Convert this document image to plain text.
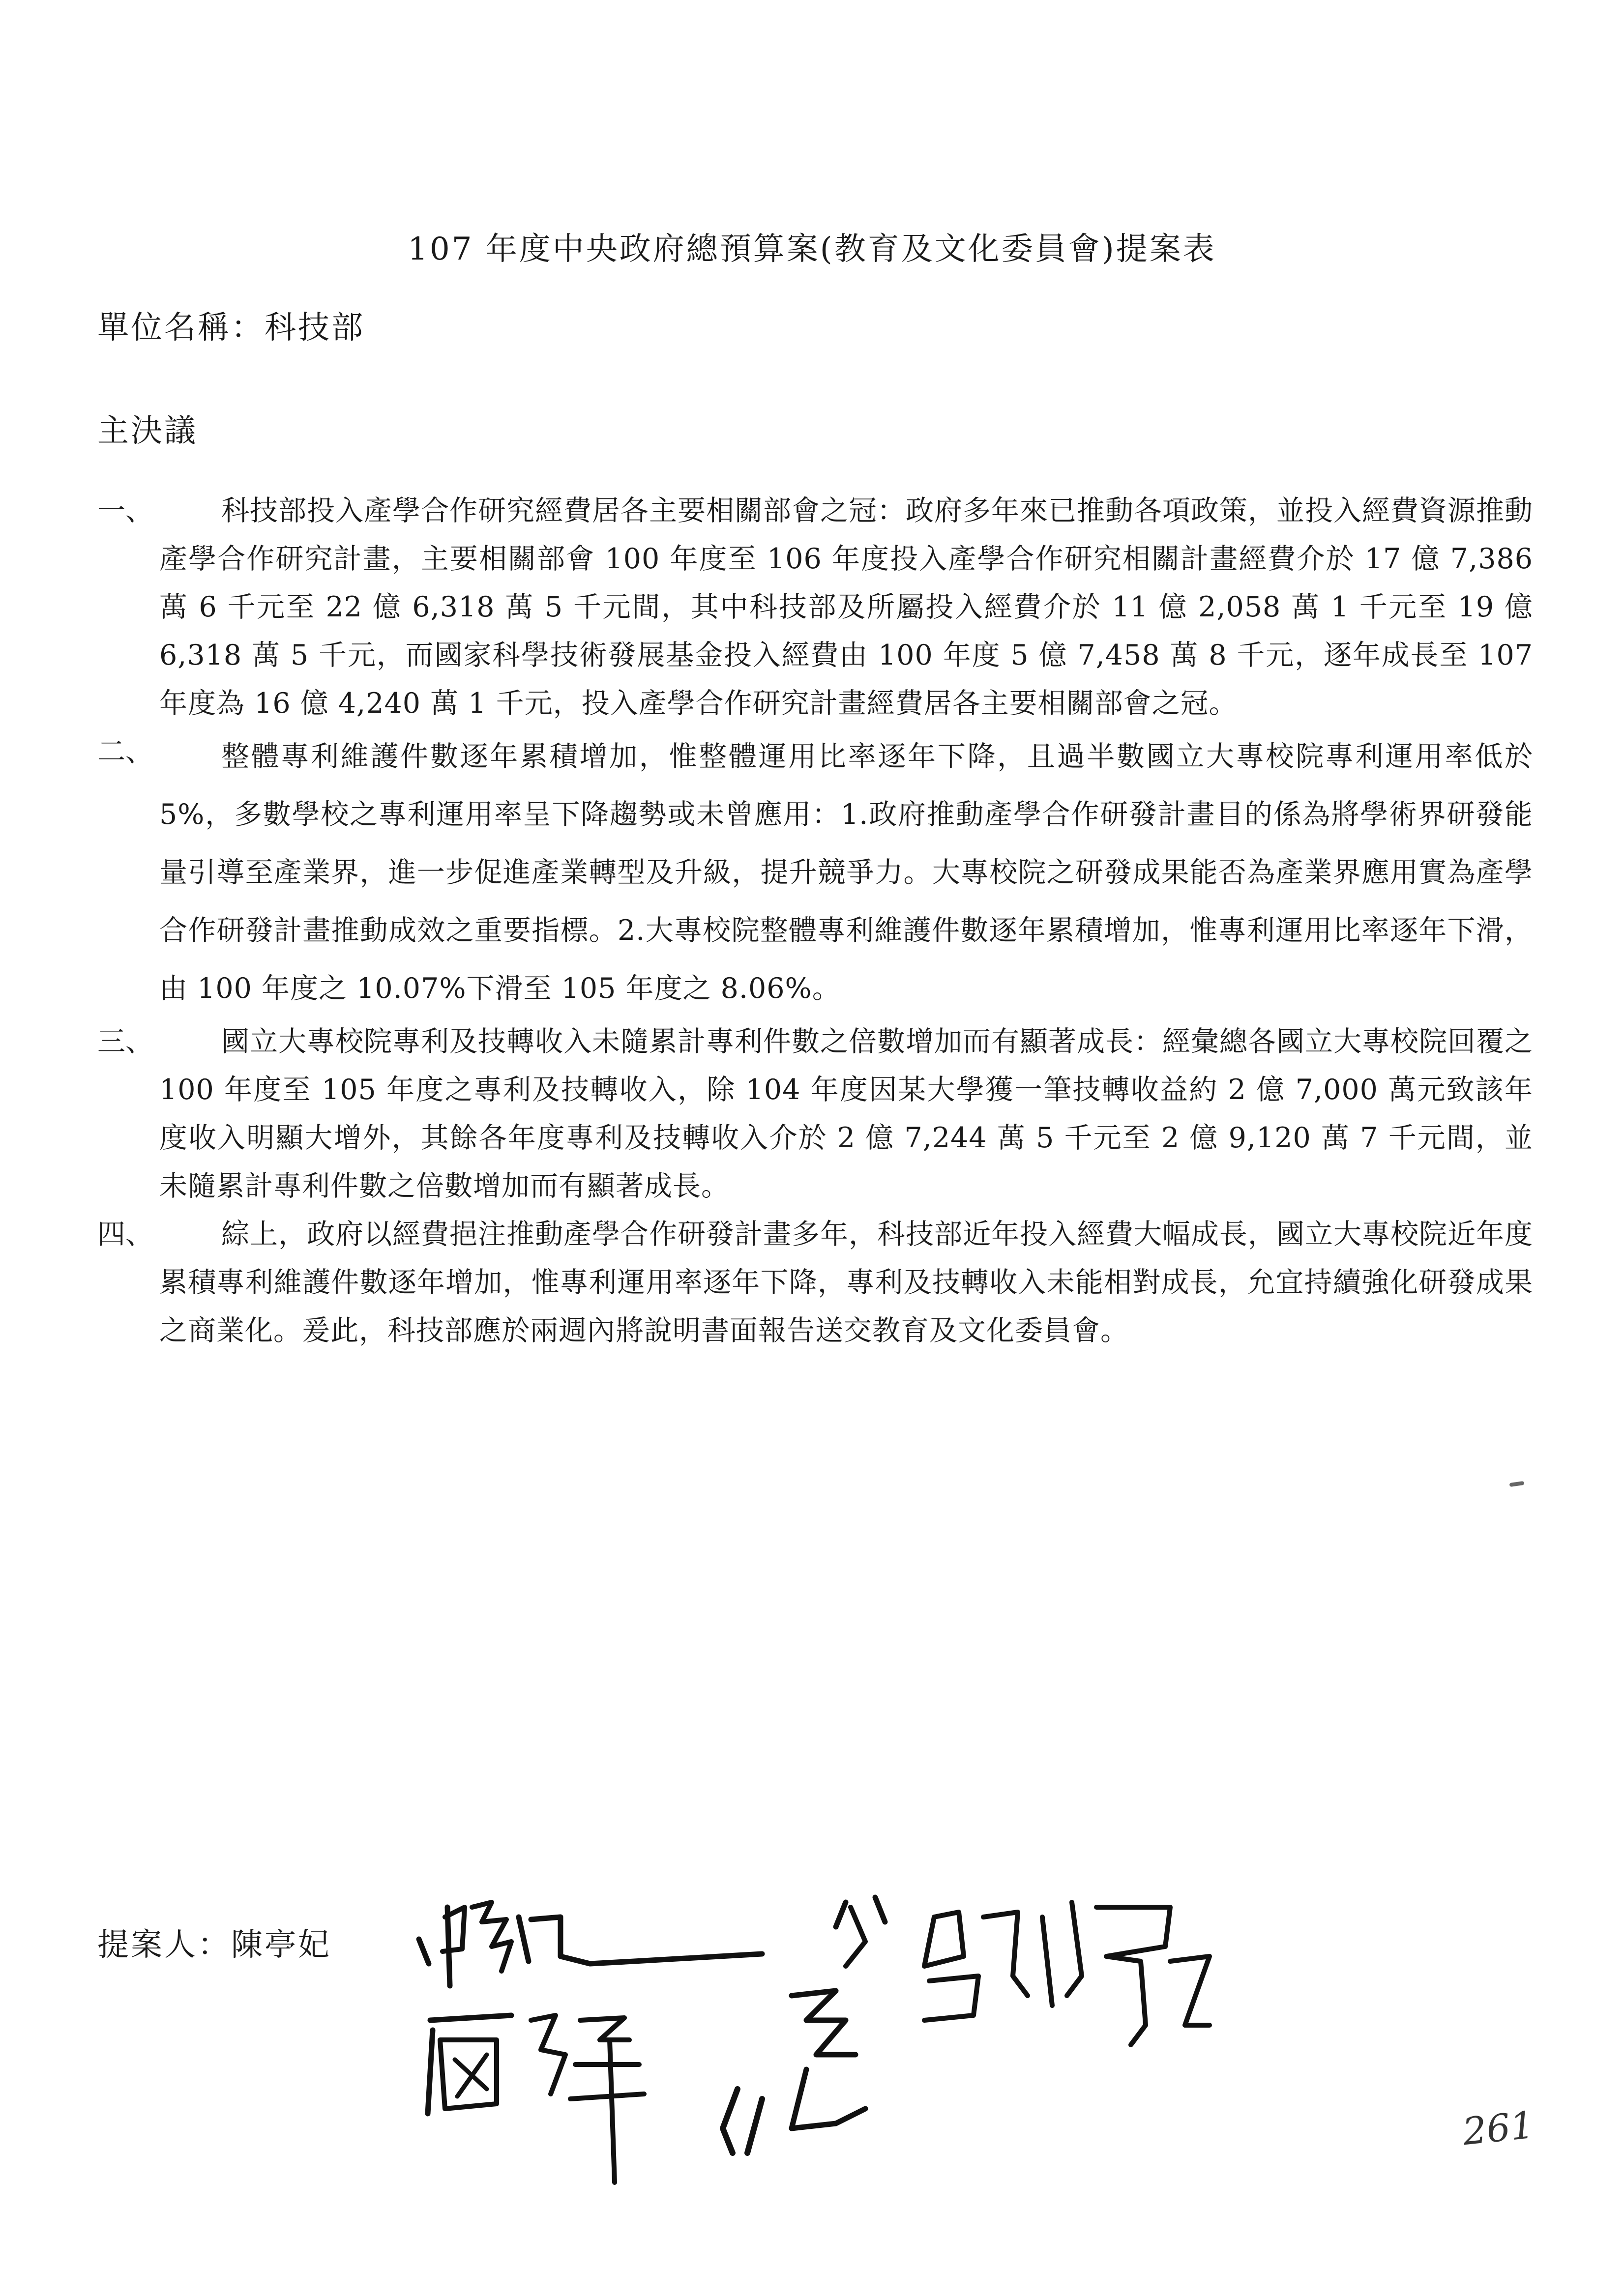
107 年度中央政府總預算案(教育及文化委員會)提案表
單位名稱：科技部
主決議
一、	科技部投入產學合作研究經費居各主要相關部會之冠：政府多年來已推動各項政策，並投入經費資源推動產學合作研究計畫，主要相關部會 100 年度至 106 年度投入產學合作研究相關計畫經費介於 17 億 7,386 萬 6 千元至 22 億 6,318 萬 5 千元間，其中科技部及所屬投入經費介於 11 億 2,058 萬 1 千元至 19 億 6,318 萬 5 千元，而國家科學技術發展基金投入經費由 100 年度 5 億 7,458 萬 8 千元，逐年成長至 107 年度為 16 億 4,240 萬 1 千元，投入產學合作研究計畫經費居各主要相關部會之冠。
二、	整體專利維護件數逐年累積增加，惟整體運用比率逐年下降，且過半數國立大專校院專利運用率低於 5%，多數學校之專利運用率呈下降趨勢或未曾應用：1.政府推動產學合作研發計畫目的係為將學術界研發能量引導至產業界，進一步促進產業轉型及升級，提升競爭力。大專校院之研發成果能否為產業界應用實為產學合作研發計畫推動成效之重要指標。2.大專校院整體專利維護件數逐年累積增加，惟專利運用比率逐年下滑，由 100 年度之 10.07%下滑至 105 年度之 8.06%。
三、	國立大專校院專利及技轉收入未隨累計專利件數之倍數增加而有顯著成長：經彙總各國立大專校院回覆之 100 年度至 105 年度之專利及技轉收入，除 104 年度因某大學獲一筆技轉收益約 2 億 7,000 萬元致該年度收入明顯大增外，其餘各年度專利及技轉收入介於 2 億 7,244 萬 5 千元至 2 億 9,120 萬 7 千元間，並未隨累計專利件數之倍數增加而有顯著成長。
四、	綜上，政府以經費挹注推動產學合作研發計畫多年，科技部近年投入經費大幅成長，國立大專校院近年度累積專利維護件數逐年增加，惟專利運用率逐年下降，專利及技轉收入未能相對成長，允宜持續強化研發成果之商業化。爰此，科技部應於兩週內將說明書面報告送交教育及文化委員會。
提案人：陳亭妃
261
